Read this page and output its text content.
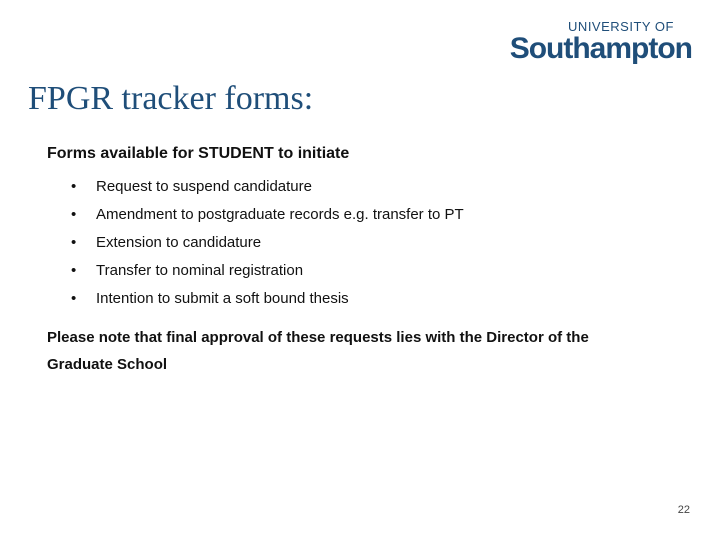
UNIVERSITY OF
Southampton
FPGR tracker forms:
Forms available for STUDENT to initiate
• Request to suspend candidature
• Amendment to postgraduate records e.g. transfer to PT
• Extension to candidature
• Transfer to nominal registration
• Intention to submit a soft bound thesis
Please note that final approval of these requests lies with the Director of the Graduate School
22
